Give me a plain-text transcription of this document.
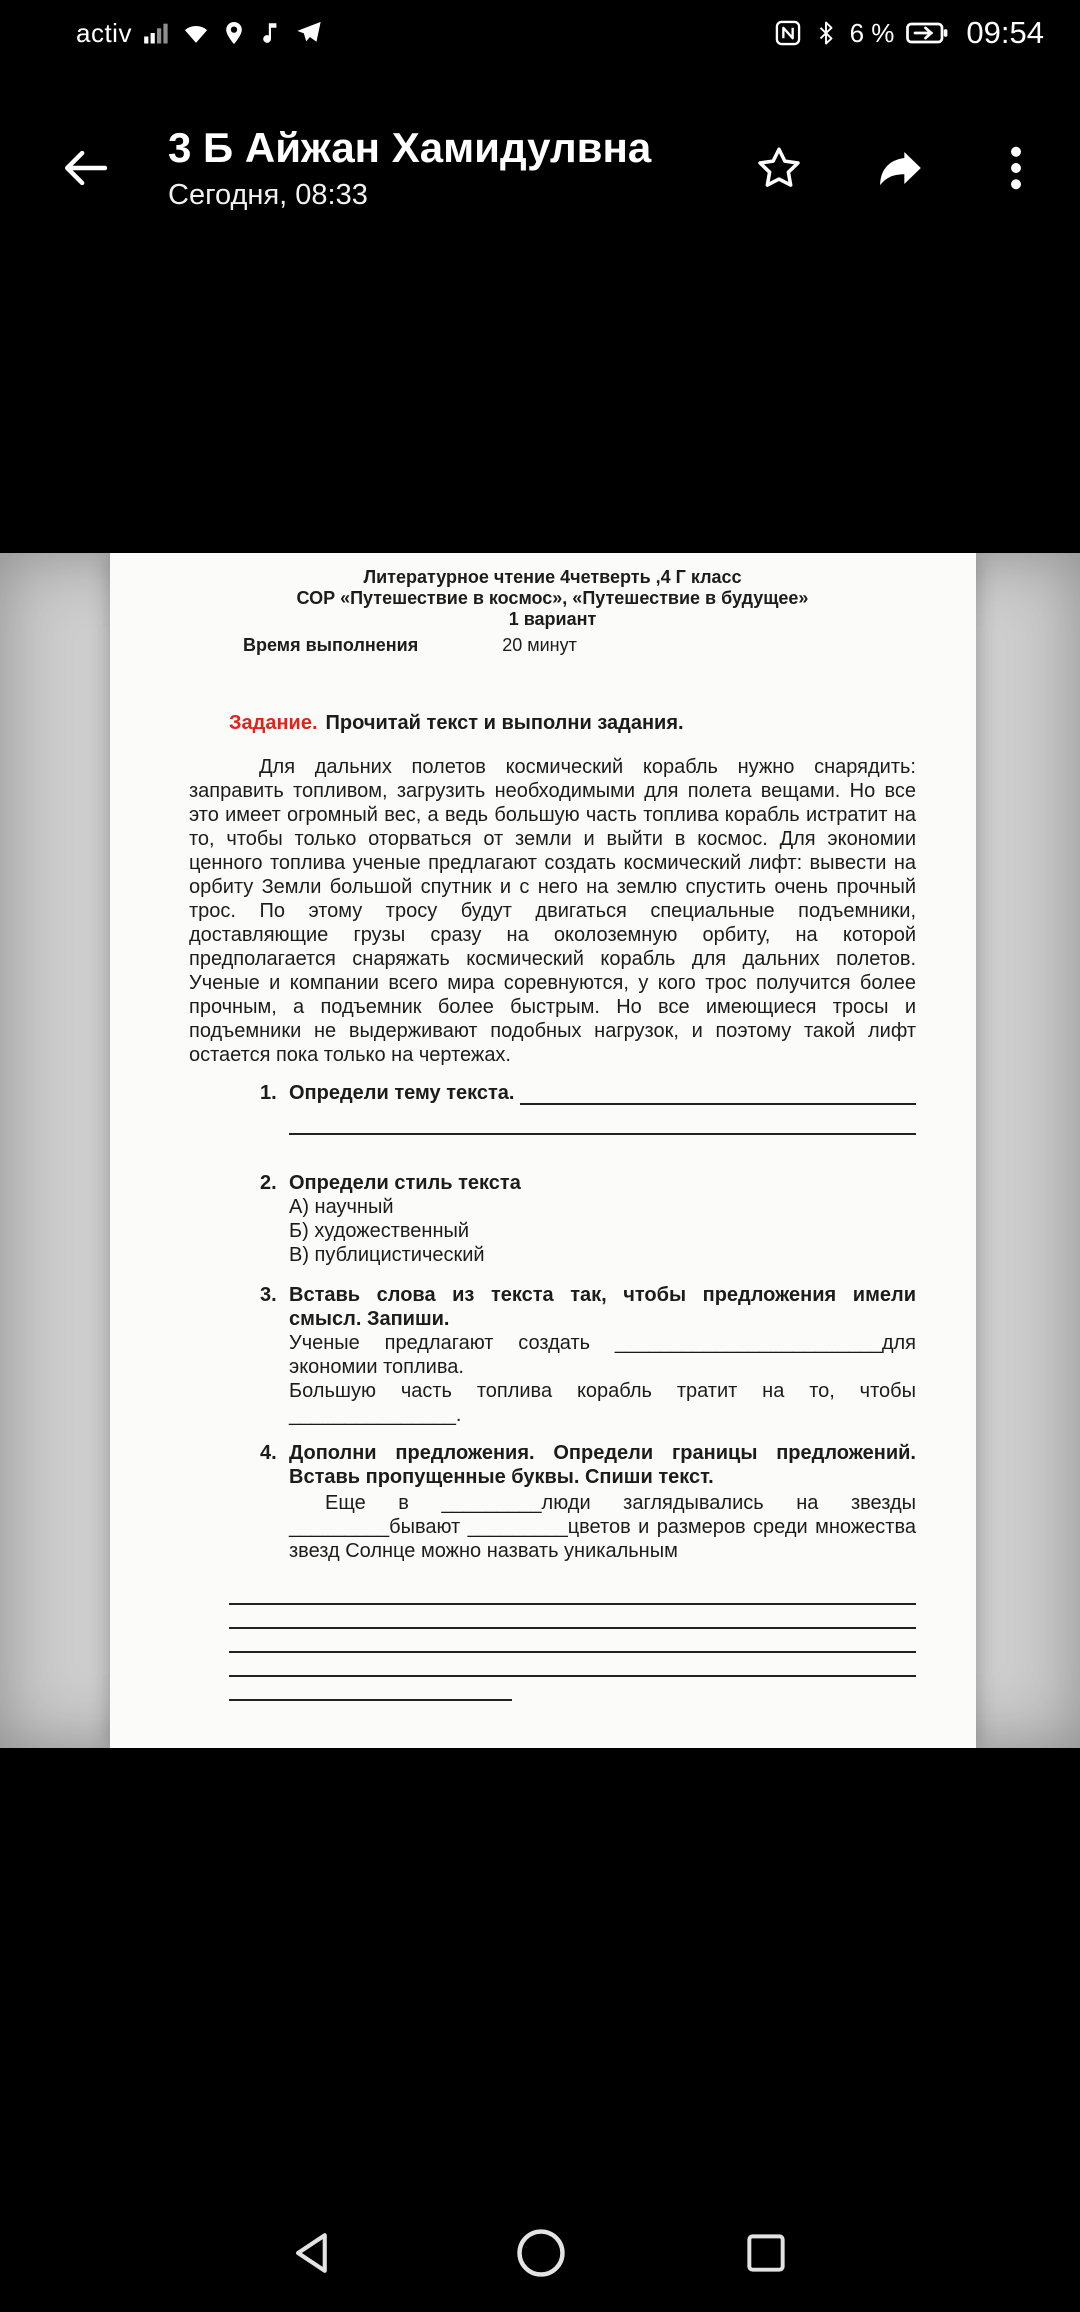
activ	6 % 09:54
3 Б Айжан Хамидулвна
Сегодня, 08:33
Литературное чтение 4четверть ,4 Г класс
СОР «Путешествие в космос», «Путешествие в будущее»
1 вариант
Время выполнения	20 минут
Задание. Прочитай текст и выполни задания.

Для дальних полетов космический корабль нужно снарядить: заправить топливом, загрузить необходимыми для полета вещами. Но все это имеет огромный вес, а ведь большую часть топлива корабль истратит на то, чтобы только оторваться от земли и выйти в космос. Для экономии ценного топлива ученые предлагают создать космический лифт: вывести на орбиту Земли большой спутник и с него на землю спустить очень прочный трос. По этому тросу будут двигаться специальные подъемники, доставляющие грузы сразу на околоземную орбиту, на которой предполагается снаряжать космический корабль для дальних полетов. Ученые и компании всего мира соревнуются, у кого трос получится более прочным, а подъемник более быстрым. Но все имеющиеся тросы и подъемники не выдерживают подобных нагрузок, и поэтому такой лифт остается пока только на чертежах.

1. Определи тему текста.
2. Определи стиль текста
А) научный
Б) художественный
В) публицистический
3. Вставь слова из текста так, чтобы предложения имели смысл. Запиши.

Ученые предлагают создать ________________________для экономии топлива.

Большую часть топлива корабль тратит на то, чтобы _______________.

4. Дополни предложения. Определи границы предложений. Вставь пропущенные буквы. Спиши текст.

Еще в _________люди заглядывались на звезды _________бывают _________цветов и размеров среди множества звезд Солнце можно назвать уникальным
